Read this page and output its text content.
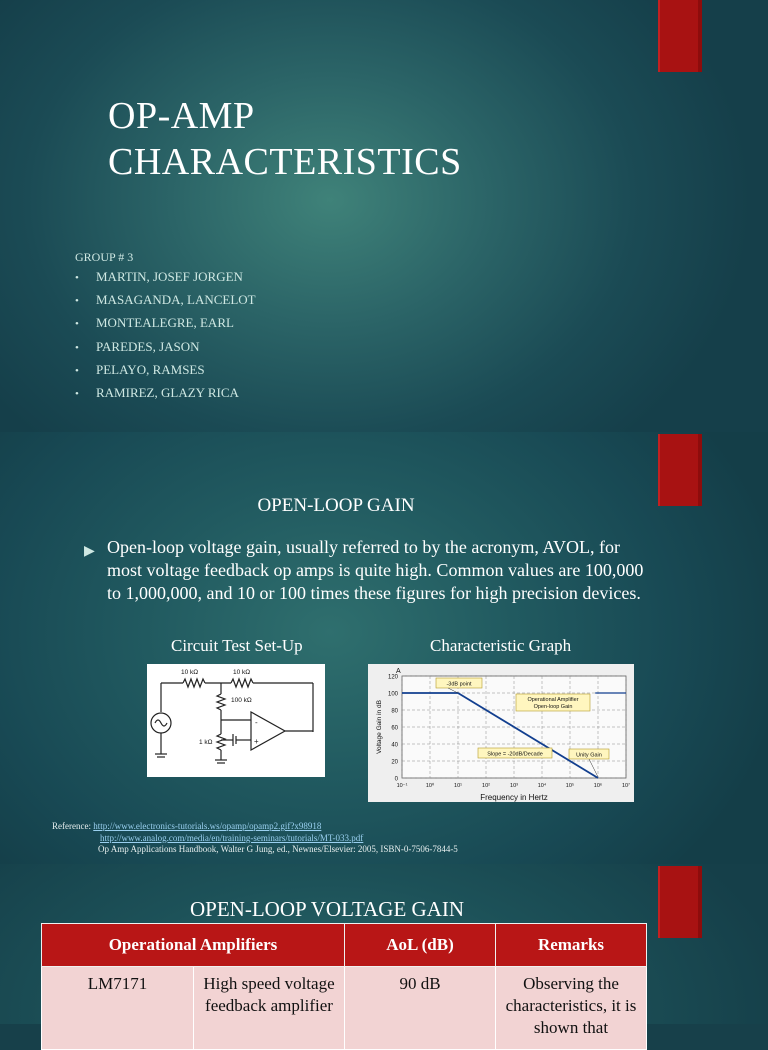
OP-AMP
CHARACTERISTICS
GROUP # 3
• MARTIN, JOSEF JORGEN
• MASAGANDA, LANCELOT
• MONTEALEGRE, EARL
• PAREDES, JASON
• PELAYO, RAMSES
• RAMIREZ, GLAZY RICA
OPEN-LOOP GAIN
▶ Open-loop voltage gain, usually referred to by the acronym, AVOL, for most voltage feedback op amps is quite high. Common values are 100,000 to 1,000,000, and 10 or 100 times these figures for high precision devices.
Circuit Test Set-Up	Characteristic Graph
-
+
10 kΩ	10 kΩ
100 kΩ
1 kΩ
0
20
40
60
80
100
120
10⁻¹	10⁰	10¹	10²	10³	10⁴	10⁵	10⁶	10⁷
Frequency in Hertz
Voltage Gain in dB
A
-3dB point
Operational Amplifier
Open-loop Gain
Slope = -20dB/Decade	Unity Gain
Reference: http://www.electronics-tutorials.ws/opamp/opamp2.gif?x98918
http://www.analog.com/media/en/training-seminars/tutorials/MT-033.pdf
Op Amp Applications Handbook, Walter G Jung, ed., Newnes/Elsevier: 2005, ISBN-0-7506-7844-5
OPEN-LOOP VOLTAGE GAIN
Operational Amplifiers		AoL (dB)	Remarks
LM7171	High speed voltage feedback amplifier	90 dB	Observing the characteristics, it is shown that
